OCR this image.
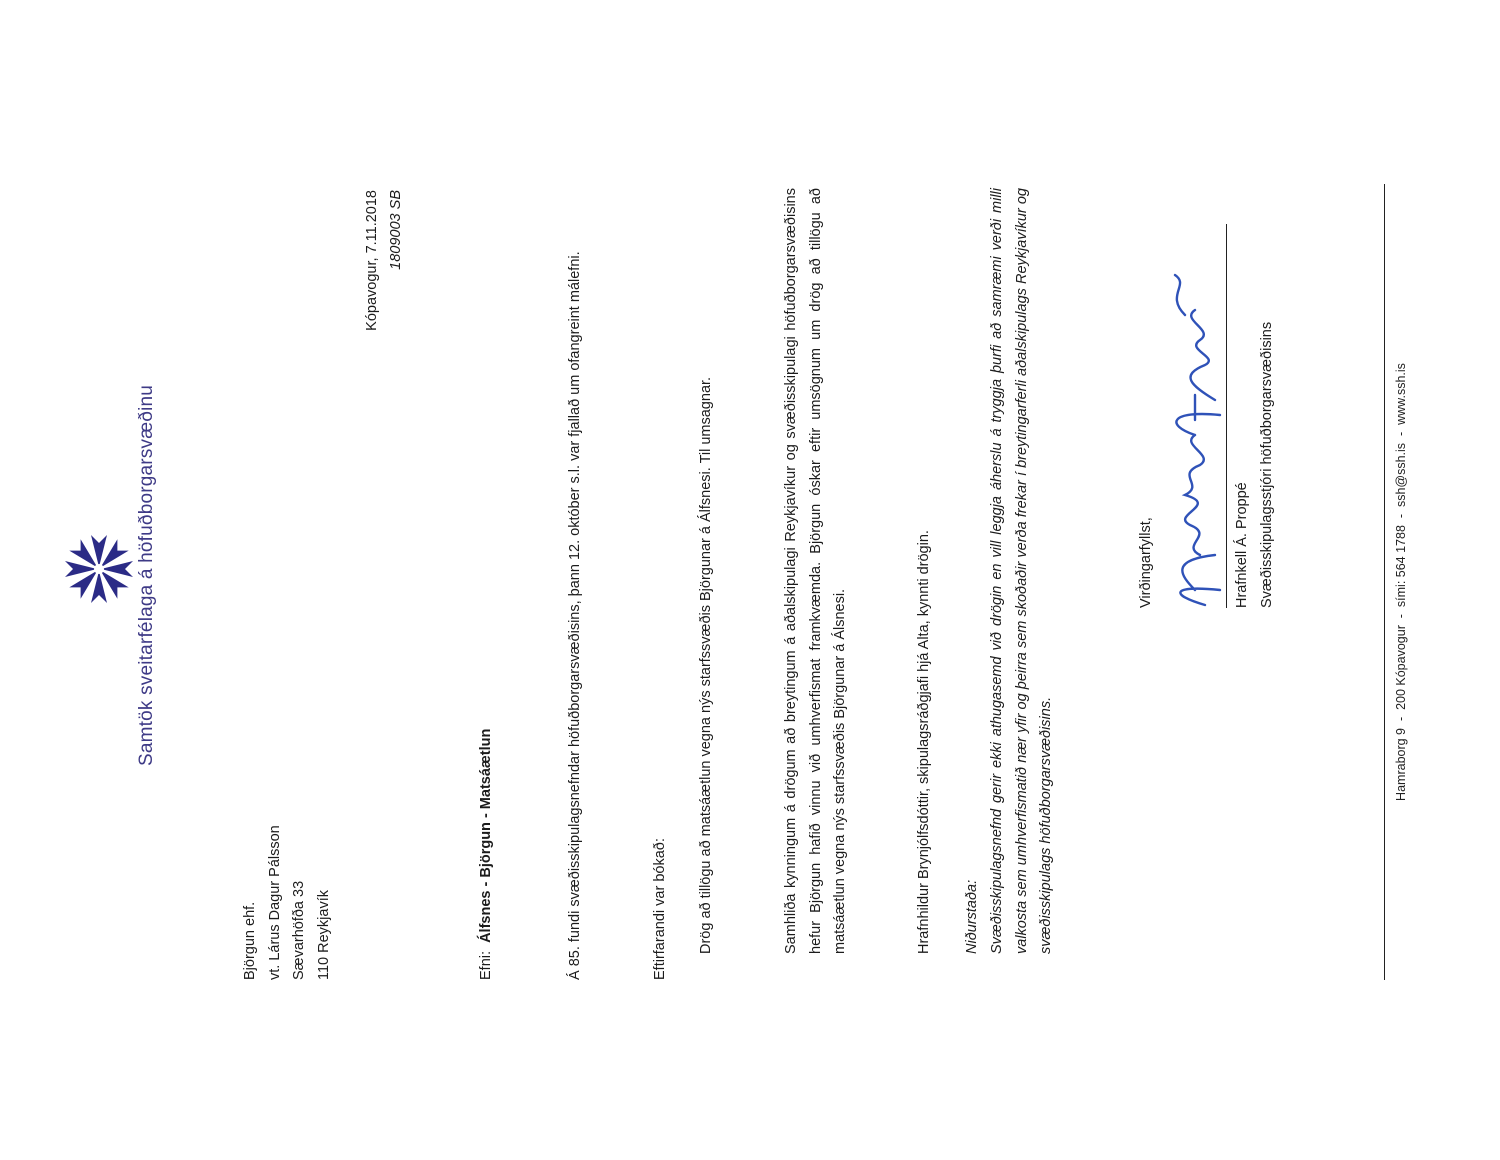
Samtök sveitarfélaga á höfuðborgarsvæðinu
Björgun ehf. vt. Lárus Dagur Pálsson Sævarhöfða 33 110 Reykjavík
Kópavogur, 7.11.2018 1809003 SB
Efni:  Álfsnes - Björgun - Matsáætlun	Á 85. fundi svæðisskipulagsnefndar höfuðborgarsvæðisins, þann 12. október s.l. var fjallað um ofangreint málefni.	Eftirfarandi var bókað:	Drög að tillögu að matsáætlun vegna nýs starfssvæðis Björgunar á Álfsnesi. Til umsagnar.	Samhliða kynningum á drögum að breytingum á aðalskipulagi Reykjavíkur og svæðisskipulagi höfuðborgarsvæðisins hefur Björgun hafið vinnu við umhverfismat framkvæmda. Björgun óskar eftir umsögnum um drög að tillögu að matsáætlun vegna nýs starfssvæðis Björgunar á Álsnesi.	Hrafnhildur Brynjólfsdóttir, skipulagsráðgjafi hjá Alta, kynnti drögin.	Niðurstaða: Svæðisskipulagsnefnd gerir ekki athugasemd við drögin en vill leggja áherslu á tryggja þurfi að samræmi verði milli valkosta sem umhverfismatið nær yfir og þeirra sem skoðaðir verða frekar í breytingarferli aðalskipulags Reykjavíkur og svæðisskipulags höfuðborgarsvæðisins.
Virðingarfyllst,	Hrafnkell Á. Proppé Svæðisskipulagsstjóri höfuðborgarsvæðisins	Hamraborg 9  -  200 Kópavogur  -  sími: 564 1788  -  ssh@ssh.is  -  www.ssh.is
